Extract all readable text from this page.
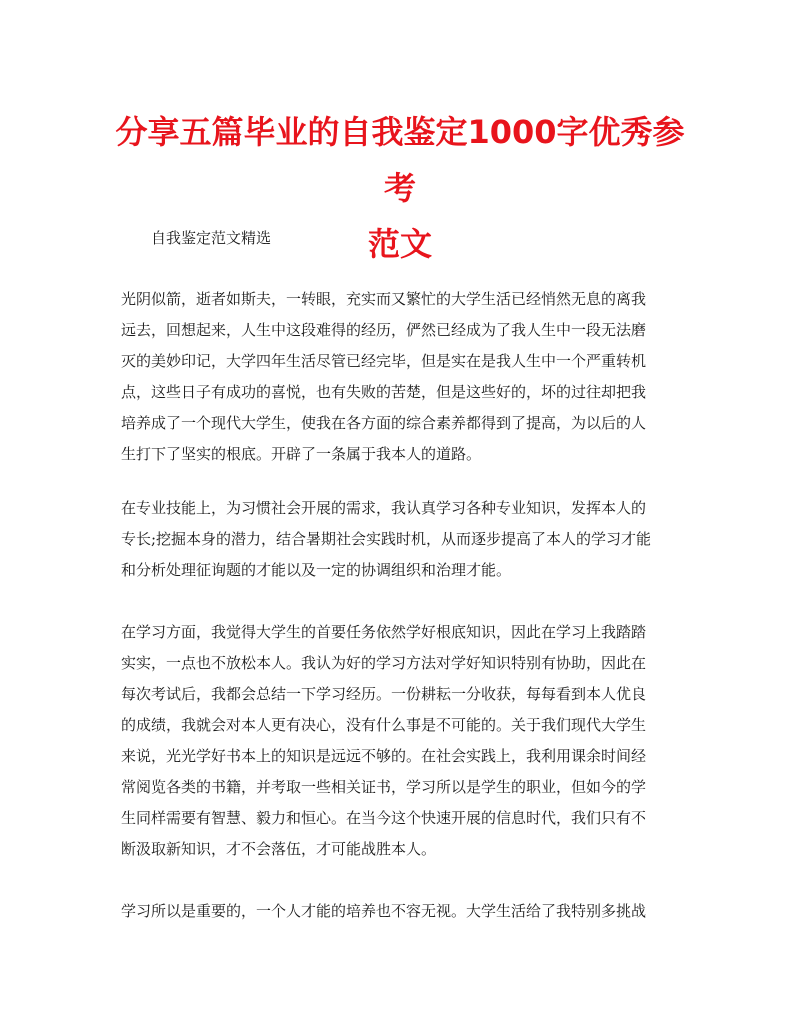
分享五篇毕业的自我鉴定1000字优秀参考
范文

自我鉴定范文精选

光阴似箭，逝者如斯夫，一转眼，充实而又繁忙的大学生活已经悄然无息的离我
远去，回想起来，人生中这段难得的经历，俨然已经成为了我人生中一段无法磨
灭的美妙印记，大学四年生活尽管已经完毕，但是实在是我人生中一个严重转机
点，这些日子有成功的喜悦，也有失败的苦楚，但是这些好的，坏的过往却把我
培养成了一个现代大学生，使我在各方面的综合素养都得到了提高，为以后的人
生打下了坚实的根底。开辟了一条属于我本人的道路。

在专业技能上，为习惯社会开展的需求，我认真学习各种专业知识，发挥本人的
专长;挖掘本身的潜力，结合暑期社会实践时机，从而逐步提高了本人的学习才能
和分析处理征询题的才能以及一定的协调组织和治理才能。

在学习方面，我觉得大学生的首要任务依然学好根底知识，因此在学习上我踏踏
实实，一点也不放松本人。我认为好的学习方法对学好知识特别有协助，因此在
每次考试后，我都会总结一下学习经历。一份耕耘一分收获，每每看到本人优良
的成绩，我就会对本人更有决心，没有什么事是不可能的。关于我们现代大学生
来说，光光学好书本上的知识是远远不够的。在社会实践上，我利用课余时间经
常阅览各类的书籍，并考取一些相关证书，学习所以是学生的职业，但如今的学
生同样需要有智慧、毅力和恒心。在当今这个快速开展的信息时代，我们只有不
断汲取新知识，才不会落伍，才可能战胜本人。

学习所以是重要的，一个人才能的培养也不容无视。大学生活给了我特别多挑战
